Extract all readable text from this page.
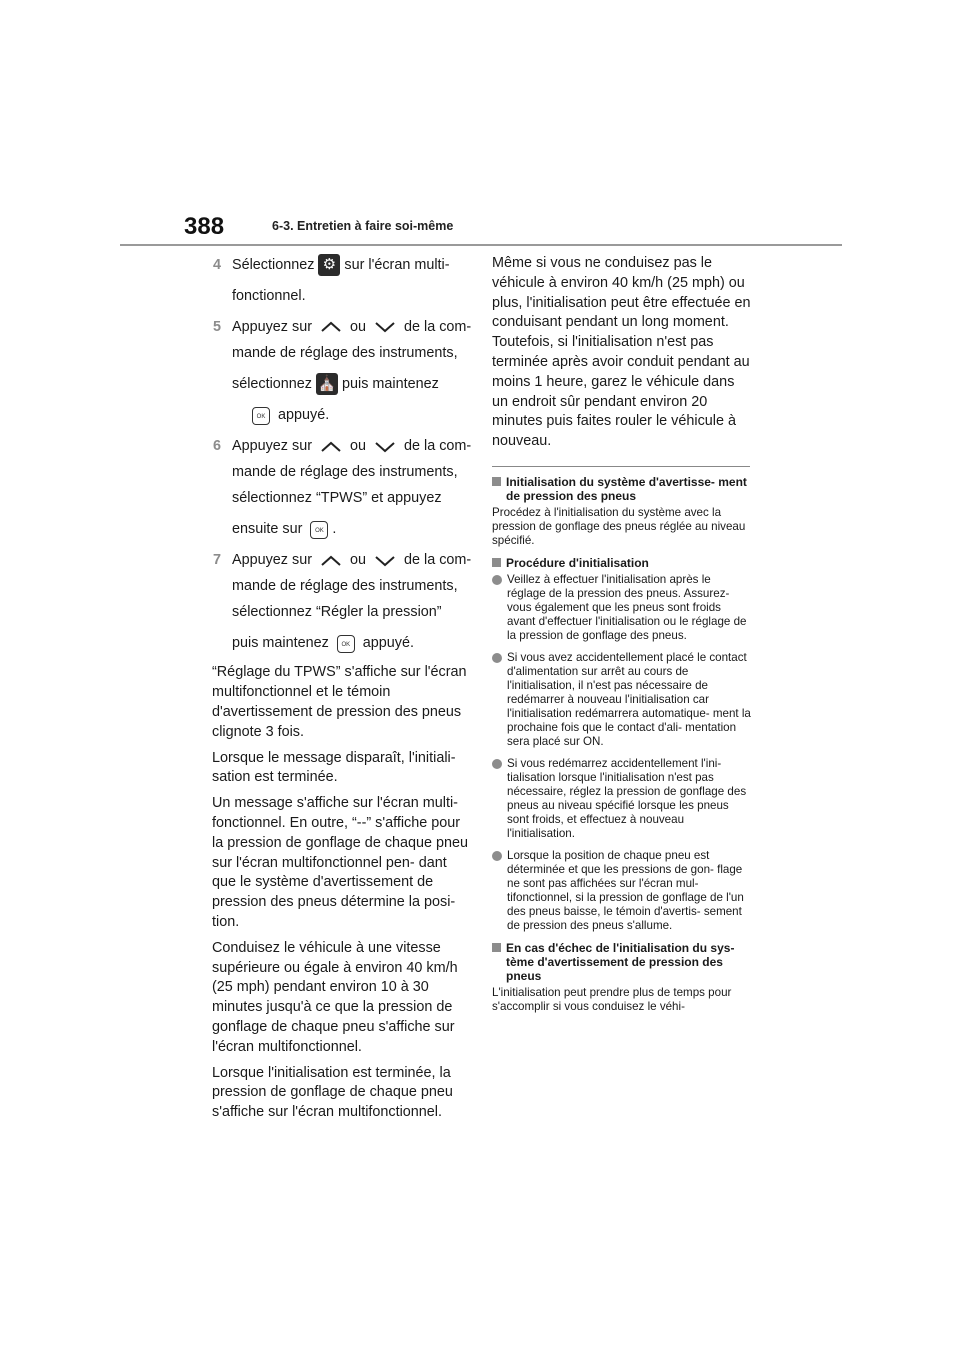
388	6-3. Entretien à faire soi-même
4 Sélectionnez ⚙ sur l'écran multi-
fonctionnel.
5 Appuyez sur	ou	de la com-
mande de réglage des instruments,
sélectionnez ⛪ puis maintenez
OK appuyé.
6 Appuyez sur	ou	de la com-
mande de réglage des instruments,
sélectionnez “TPWS” et appuyez
ensuite sur OK .
7 Appuyez sur	ou	de la com-
mande de réglage des instruments,
sélectionnez “Régler la pression”
puis maintenez OK appuyé.

“Réglage du TPWS” s'affiche sur l'écran multifonctionnel et le témoin d'avertissement de pression des pneus clignote 3 fois.

Lorsque le message disparaît, l'initiali- sation est terminée.

Un message s'affiche sur l'écran multi- fonctionnel. En outre, “--” s'affiche pour la pression de gonflage de chaque pneu sur l'écran multifonctionnel pen- dant que le système d'avertissement de pression des pneus détermine la posi- tion.

Conduisez le véhicule à une vitesse supérieure ou égale à environ 40 km/h (25 mph) pendant environ 10 à 30 minutes jusqu'à ce que la pression de gonflage de chaque pneu s'affiche sur l'écran multifonctionnel.

Lorsque l'initialisation est terminée, la pression de gonflage de chaque pneu s'affiche sur l'écran multifonctionnel.

Même si vous ne conduisez pas le véhicule à environ 40 km/h (25 mph) ou plus, l'initialisation peut être effectuée en conduisant pendant un long moment. Toutefois, si l'initialisation n'est pas terminée après avoir conduit pendant au moins 1 heure, garez le véhicule dans un endroit sûr pendant environ 20 minutes puis faites rouler le véhicule à nouveau.

Initialisation du système d'avertisse- ment de pression des pneus

Procédez à l'initialisation du système avec la pression de gonflage des pneus réglée au niveau spécifié.

Procédure d'initialisation
Veillez à effectuer l'initialisation après le réglage de la pression des pneus. Assurez-vous également que les pneus sont froids avant d'effectuer l'initialisation ou le réglage de la pression de gonflage des pneus.
Si vous avez accidentellement placé le contact d'alimentation sur arrêt au cours de l'initialisation, il n'est pas nécessaire de redémarrer à nouveau l'initialisation car l'initialisation redémarrera automatique- ment la prochaine fois que le contact d'ali- mentation sera placé sur ON.
Si vous redémarrez accidentellement l'ini- tialisation lorsque l'initialisation n'est pas nécessaire, réglez la pression de gonflage des pneus au niveau spécifié lorsque les pneus sont froids, et effectuez à nouveau l'initialisation.
Lorsque la position de chaque pneu est déterminée et que les pressions de gon- flage ne sont pas affichées sur l'écran mul- tifonctionnel, si la pression de gonflage de l'un des pneus baisse, le témoin d'avertis- sement de pression des pneus s'allume.
En cas d'échec de l'initialisation du sys- tème d'avertissement de pression des pneus

L'initialisation peut prendre plus de temps pour s'accomplir si vous conduisez le véhi-
